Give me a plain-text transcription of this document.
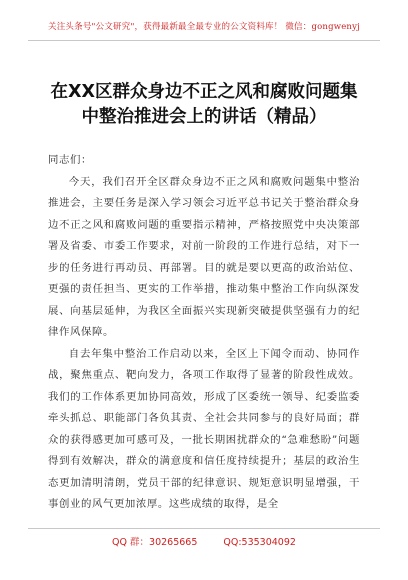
关注头条号"公文研究"，获得最新最全最专业的公文资料库！ 微信：gongwenyj
在XX区群众身边不正之风和腐败问题集
中整治推进会上的讲话（精品）

同志们：

今天，我们召开全区群众身边不正之风和腐败问题集中整治推进会，主要任务是深入学习领会习近平总书记关于整治群众身边不正之风和腐败问题的重要指示精神，严格按照党中央决策部署及省委、市委工作要求，对前一阶段的工作进行总结，对下一步的任务进行再动员、再部署。目的就是要以更高的政治站位、更强的责任担当、更实的工作举措，推动集中整治工作向纵深发展、向基层延伸，为我区全面振兴实现新突破提供坚强有力的纪律作风保障。

自去年集中整治工作启动以来，全区上下闻令而动、协同作战，聚焦重点、靶向发力，各项工作取得了显著的阶段性成效。我们的工作体系更加协同高效，形成了区委统一领导、纪委监委牵头抓总、职能部门各负其责、全社会共同参与的良好局面；群众的获得感更加可感可及，一批长期困扰群众的“急难愁盼”问题得到有效解决，群众的满意度和信任度持续提升；基层的政治生态更加清明清朗，党员干部的纪律意识、规矩意识明显增强，干事创业的风气更加浓厚。这些成绩的取得，是全

QQ 群：30265665	QQ:535304092
